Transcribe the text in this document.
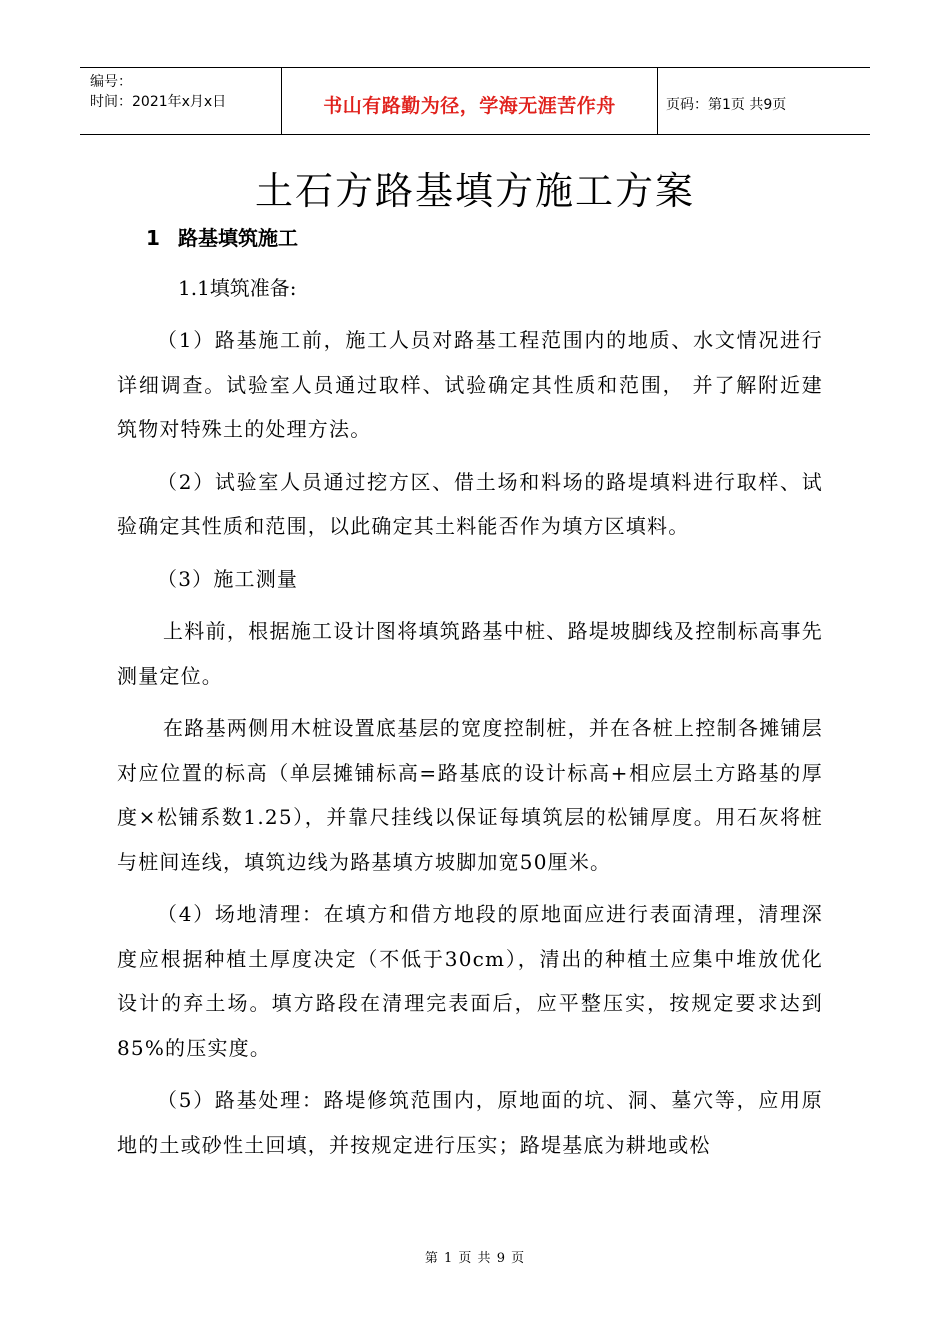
编号：
时间：2021年x月x日	书山有路勤为径，学海无涯苦作舟	页码：第1页 共9页
土石方路基填方施工方案
1 路基填筑施工
1.1填筑准备:

（1）路基施工前，施工人员对路基工程范围内的地质、水文情况进行详细调查。试验室人员通过取样、试验确定其性质和范围， 并了解附近建筑物对特殊土的处理方法。

（2）试验室人员通过挖方区、借土场和料场的路堤填料进行取样、试验确定其性质和范围，以此确定其土料能否作为填方区填料。

（3）施工测量

上料前，根据施工设计图将填筑路基中桩、路堤坡脚线及控制标高事先测量定位。

在路基两侧用木桩设置底基层的宽度控制桩，并在各桩上控制各摊铺层对应位置的标高（单层摊铺标高=路基底的设计标高+相应层土方路基的厚度×松铺系数1.25），并靠尺挂线以保证每填筑层的松铺厚度。用石灰将桩与桩间连线，填筑边线为路基填方坡脚加宽50厘米。

（4）场地清理：在填方和借方地段的原地面应进行表面清理，清理深度应根据种植土厚度决定（不低于30cm），清出的种植土应集中堆放优化设计的弃土场。填方路段在清理完表面后，应平整压实，按规定要求达到85%的压实度。

（5）路基处理：路堤修筑范围内，原地面的坑、洞、墓穴等，应用原地的土或砂性土回填，并按规定进行压实；路堤基底为耕地或松

第 1 页 共 9 页
